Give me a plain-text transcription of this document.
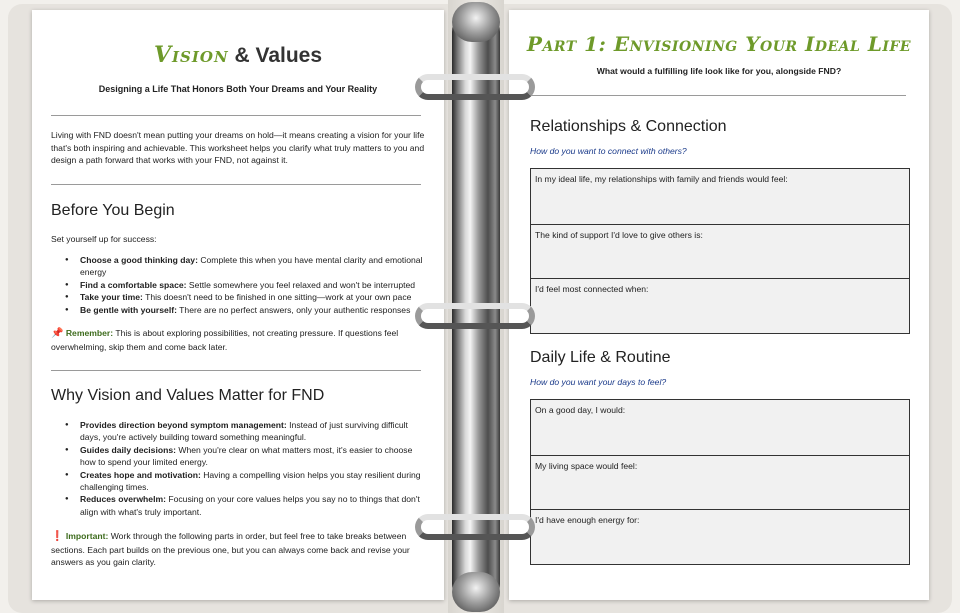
Vision & Values
Designing a Life That Honors Both Your Dreams and Your Reality
Living with FND doesn't mean putting your dreams on hold—it means creating a vision for your life that's both inspiring and achievable. This worksheet helps you clarify what truly matters to you and design a path forward that works with your FND, not against it.
Before You Begin
Set yourself up for success:
● Choose a good thinking day: Complete this when you have mental clarity and emotional energy
● Find a comfortable space: Settle somewhere you feel relaxed and won't be interrupted
● Take your time: This doesn't need to be finished in one sitting—work at your own pace
● Be gentle with yourself: There are no perfect answers, only your authentic responses
📌 Remember: This is about exploring possibilities, not creating pressure. If questions feel overwhelming, skip them and come back later.
Why Vision and Values Matter for FND
● Provides direction beyond symptom management: Instead of just surviving difficult days, you're actively building toward something meaningful.
● Guides daily decisions: When you're clear on what matters most, it's easier to choose how to spend your limited energy.
● Creates hope and motivation: Having a compelling vision helps you stay resilient during challenging times.
● Reduces overwhelm: Focusing on your core values helps you say no to things that don't align with what's truly important.
❗ Important: Work through the following parts in order, but feel free to take breaks between sections. Each part builds on the previous one, but you can always come back and revise your answers as you gain clarity.
Part 1: Envisioning Your Ideal Life
What would a fulfilling life look like for you, alongside FND?
Relationships & Connection
How do you want to connect with others?
In my ideal life, my relationships with family and friends would feel:
The kind of support I'd love to give others is:
I'd feel most connected when:
Daily Life & Routine
How do you want your days to feel?
On a good day, I would:
My living space would feel:
I'd have enough energy for:
